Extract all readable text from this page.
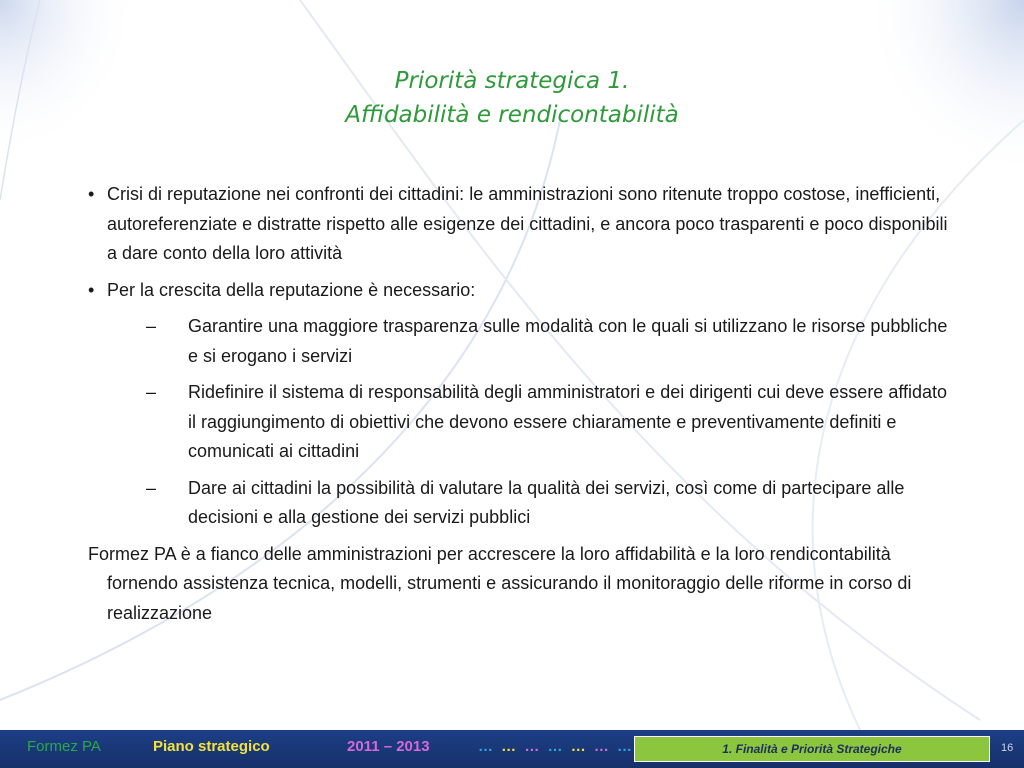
Priorità strategica 1.
Affidabilità e rendicontabilità
• Crisi di reputazione nei confronti dei cittadini: le amministrazioni sono ritenute troppo costose, inefficienti, autoreferenziate e distratte rispetto alle esigenze dei cittadini, e ancora poco trasparenti e poco disponibili a dare conto della loro attività
• Per la crescita della reputazione è necessario:
– Garantire una maggiore trasparenza sulle modalità con le quali si utilizzano le risorse pubbliche e si erogano i servizi
– Ridefinire il sistema di responsabilità degli amministratori e dei dirigenti cui deve essere affidato il raggiungimento di obiettivi che devono essere chiaramente e preventivamente definiti e comunicati ai cittadini
– Dare ai cittadini la possibilità di valutare la qualità dei servizi, così come di partecipare alle decisioni e alla gestione dei servizi pubblici
Formez PA è a fianco delle amministrazioni per accrescere la loro affidabilità e la loro rendicontabilità fornendo assistenza tecnica, modelli, strumenti e assicurando il monitoraggio delle riforme in corso di realizzazione
Formez PA	Piano strategico	2011 – 2013	… … … … … … …	1. Finalità e Priorità Strategiche	16
